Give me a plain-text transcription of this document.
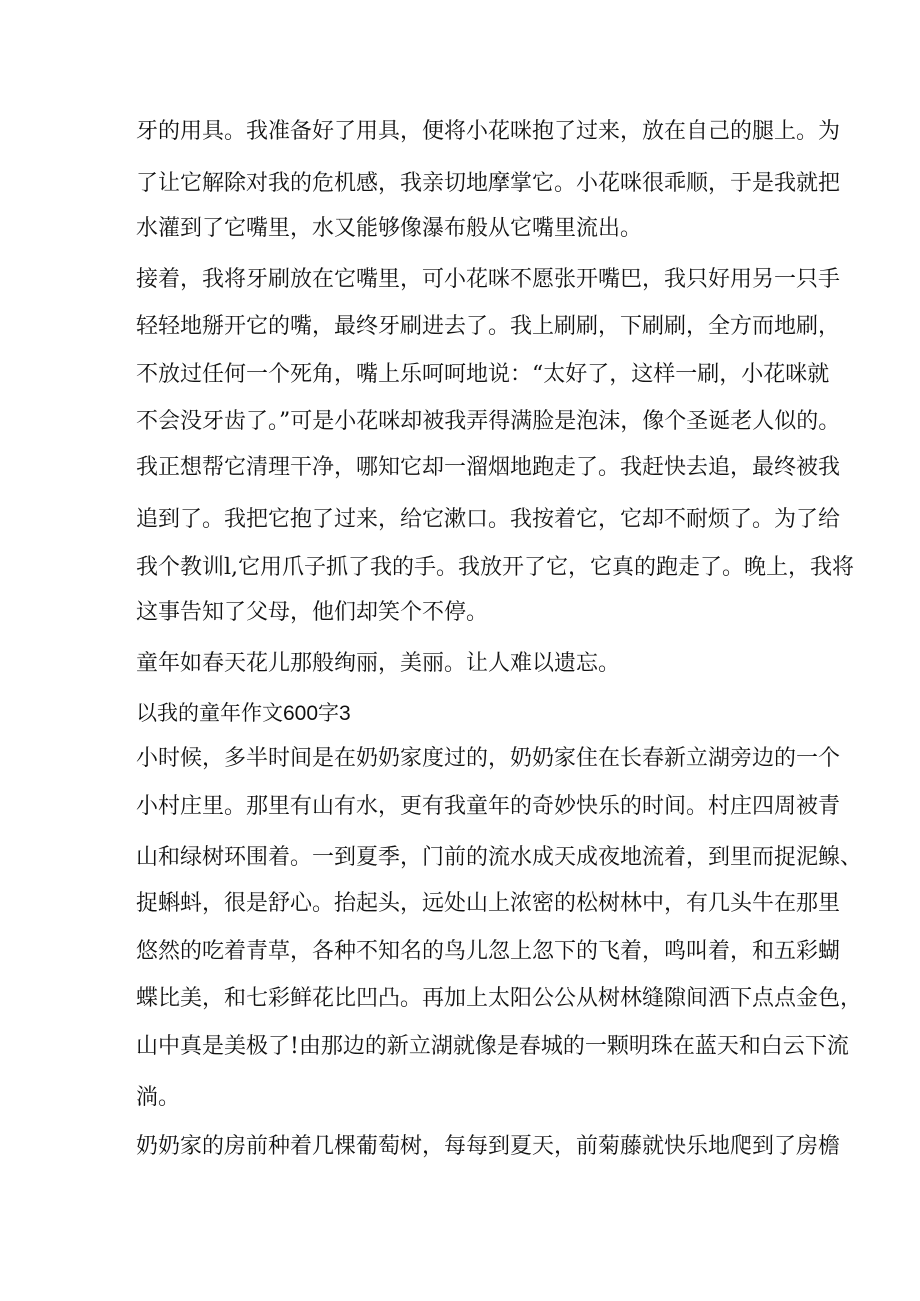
牙的用具。我准备好了用具，便将小花咪抱了过来，放在自己的腿上。为

了让它解除对我的危机感，我亲切地摩掌它。小花咪很乖顺，于是我就把

水灌到了它嘴里，水又能够像瀑布般从它嘴里流出。

接着，我将牙刷放在它嘴里，可小花咪不愿张开嘴巴，我只好用另一只手

轻轻地掰开它的嘴，最终牙刷进去了。我上刷刷，下刷刷，全方而地刷，

不放过任何一个死角，嘴上乐呵呵地说：“太好了，这样一刷，小花咪就

不会没牙齿了。”可是小花咪却被我弄得满脸是泡沫，像个圣诞老人似的。

我正想帮它清理干净，哪知它却一溜烟地跑走了。我赶快去追，最终被我

追到了。我把它抱了过来，给它漱口。我按着它，它却不耐烦了。为了给

我个教训l,它用爪子抓了我的手。我放开了它，它真的跑走了。晚上，我将

这事告知了父母，他们却笑个不停。

童年如春天花儿那般绚丽，美丽。让人难以遗忘。

以我的童年作文600字3

小时候，多半时间是在奶奶家度过的，奶奶家住在长春新立湖旁边的一个

小村庄里。那里有山有水，更有我童年的奇妙快乐的时间。村庄四周被青

山和绿树环围着。一到夏季，门前的流水成天成夜地流着，到里而捉泥鳈、

捉蝌蚪，很是舒心。抬起头，远处山上浓密的松树林中，有几头牛在那里

悠然的吃着青草，各种不知名的鸟儿忽上忽下的飞着，鸣叫着，和五彩蝴

蝶比美，和七彩鲜花比凹凸。再加上太阳公公从树林缝隙间洒下点点金色，

山中真是美极了!由那边的新立湖就像是春城的一颗明珠在蓝天和白云下流

淌。

奶奶家的房前种着几棵葡萄树，每每到夏天，前菊藤就快乐地爬到了房檐
